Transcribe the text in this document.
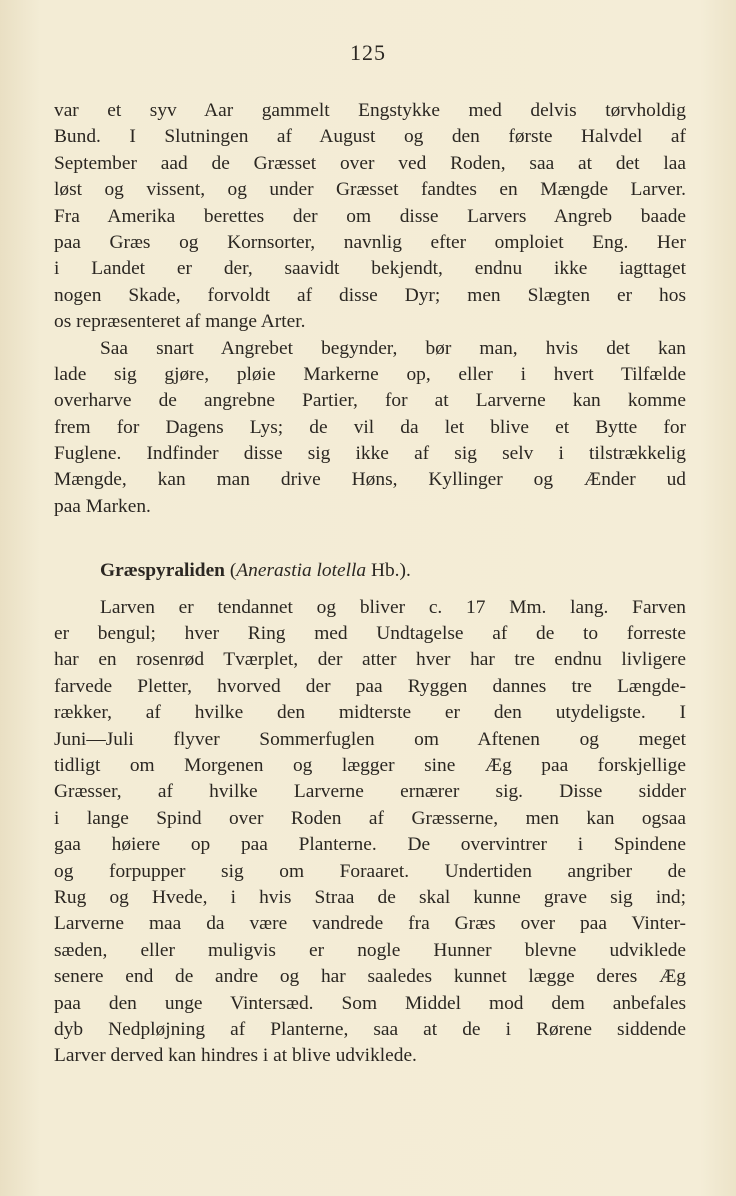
125
var et syv Aar gammelt Engstykke med delvis tørvholdig
Bund. I Slutningen af August og den første Halvdel af
September aad de Græsset over ved Roden, saa at det laa
løst og vissent, og under Græsset fandtes en Mængde Larver.
Fra Amerika berettes der om disse Larvers Angreb baade
paa Græs og Kornsorter, navnlig efter omploiet Eng. Her
i Landet er der, saavidt bekjendt, endnu ikke iagttaget
nogen Skade, forvoldt af disse Dyr; men Slægten er hos
os repræsenteret af mange Arter.
Saa snart Angrebet begynder, bør man, hvis det kan
lade sig gjøre, pløie Markerne op, eller i hvert Tilfælde
overharve de angrebne Partier, for at Larverne kan komme
frem for Dagens Lys; de vil da let blive et Bytte for
Fuglene. Indfinder disse sig ikke af sig selv i tilstrækkelig
Mængde, kan man drive Høns, Kyllinger og Ænder ud
paa Marken.
Græspyraliden (Anerastia lotella Hb.).
Larven er tendannet og bliver c. 17 Mm. lang. Farven
er bengul; hver Ring med Undtagelse af de to forreste
har en rosenrød Tværplet, der atter hver har tre endnu livligere
farvede Pletter, hvorved der paa Ryggen dannes tre Længde-
rækker, af hvilke den midterste er den utydeligste. I
Juni—Juli flyver Sommerfuglen om Aftenen og meget
tidligt om Morgenen og lægger sine Æg paa forskjellige
Græsser, af hvilke Larverne ernærer sig. Disse sidder
i lange Spind over Roden af Græsserne, men kan ogsaa
gaa høiere op paa Planterne. De overvintrer i Spindene
og forpupper sig om Foraaret. Undertiden angriber de
Rug og Hvede, i hvis Straa de skal kunne grave sig ind;
Larverne maa da være vandrede fra Græs over paa Vinter-
sæden, eller muligvis er nogle Hunner blevne udviklede
senere end de andre og har saaledes kunnet lægge deres Æg
paa den unge Vintersæd. Som Middel mod dem anbefales
dyb Nedpløjning af Planterne, saa at de i Rørene siddende
Larver derved kan hindres i at blive udviklede.
